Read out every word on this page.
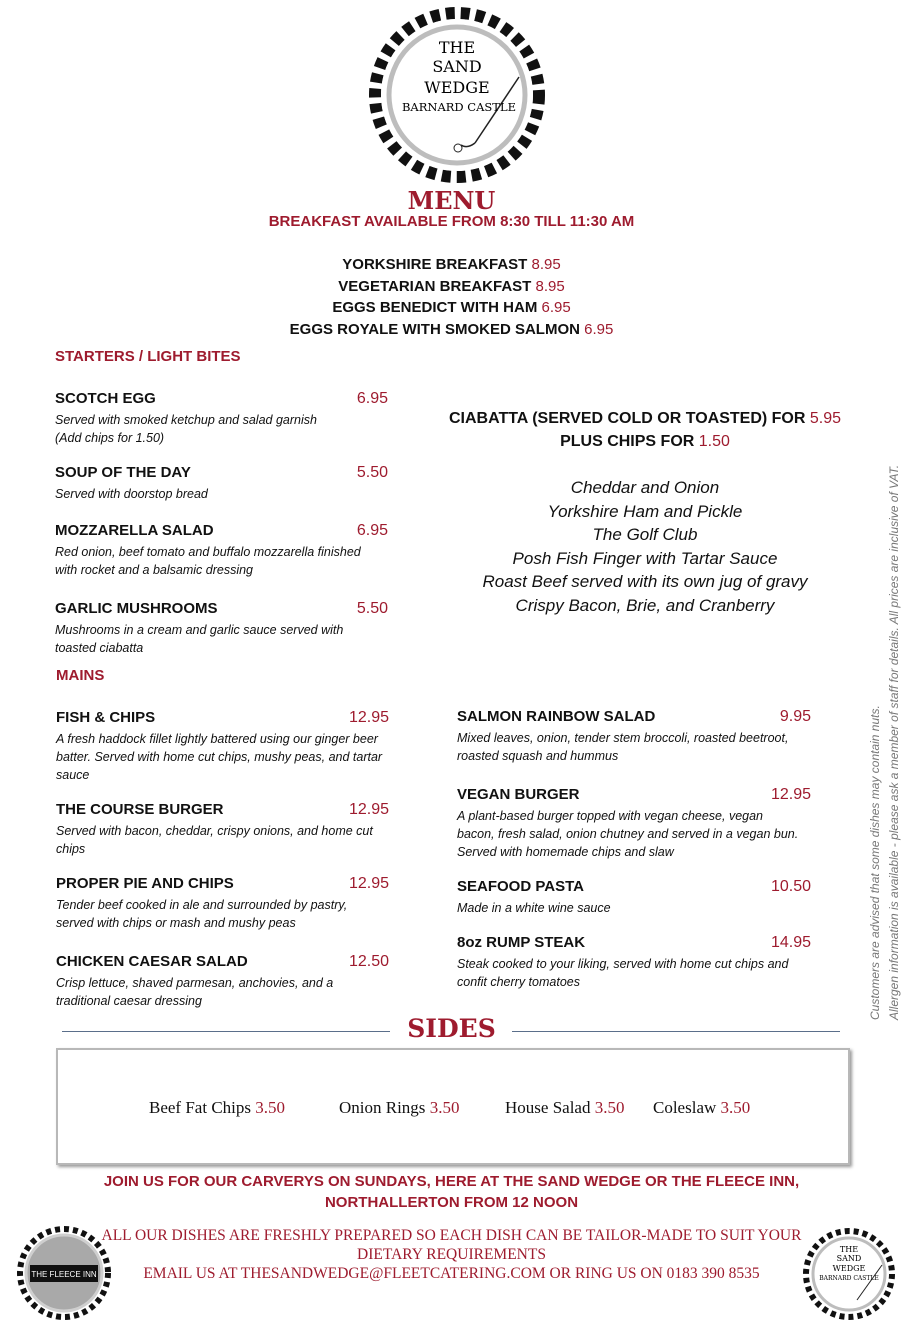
THE
SAND
WEDGE
BARNARD CASTLE
MENU
BREAKFAST AVAILABLE FROM 8:30 TILL 11:30 AM
YORKSHIRE BREAKFAST 8.95
VEGETARIAN BREAKFAST 8.95
EGGS BENEDICT WITH HAM 6.95
EGGS ROYALE WITH SMOKED SALMON 6.95
STARTERS / LIGHT BITES
SCOTCH EGG	6.95
Served with smoked ketchup and salad garnish
(Add chips for 1.50)
SOUP OF THE DAY	5.50
Served with doorstop bread
MOZZARELLA SALAD	6.95
Red onion, beef tomato and buffalo mozzarella finished
with rocket and a balsamic dressing
GARLIC MUSHROOMS	5.50
Mushrooms in a cream and garlic sauce served with
toasted ciabatta
MAINS
FISH & CHIPS	12.95
A fresh haddock fillet lightly battered using our ginger beer
batter. Served with home cut chips, mushy peas, and tartar
sauce
THE COURSE BURGER	12.95
Served with bacon, cheddar, crispy onions, and home cut
chips
PROPER PIE AND CHIPS	12.95
Tender beef cooked in ale and surrounded by pastry,
served with chips or mash and mushy peas
CHICKEN CAESAR SALAD	12.50
Crisp lettuce, shaved parmesan, anchovies, and a
traditional caesar dressing
SALMON RAINBOW SALAD	9.95
Mixed leaves, onion, tender stem broccoli, roasted beetroot,
roasted squash and hummus
VEGAN BURGER	12.95
A plant-based burger topped with vegan cheese, vegan
bacon, fresh salad, onion chutney and served in a vegan bun.
Served with homemade chips and slaw
SEAFOOD PASTA	10.50
Made in a white wine sauce
8oz RUMP STEAK	14.95
Steak cooked to your liking, served with home cut chips and
confit cherry tomatoes
CIABATTA (SERVED COLD OR TOASTED) FOR 5.95
PLUS CHIPS FOR 1.50
Cheddar and Onion
Yorkshire Ham and Pickle
The Golf Club
Posh Fish Finger with Tartar Sauce
Roast Beef served with its own jug of gravy
Crispy Bacon, Brie, and Cranberry
SIDES
Beef Fat Chips 3.50	Onion Rings 3.50	House Salad 3.50 Coleslaw 3.50
JOIN US FOR OUR CARVERYS ON SUNDAYS, HERE AT THE SAND WEDGE OR THE FLEECE INN,
NORTHALLERTON FROM 12 NOON
ALL OUR DISHES ARE FRESHLY PREPARED SO EACH DISH CAN BE TAILOR-MADE TO SUIT YOUR
DIETARY REQUIREMENTS
EMAIL US AT THESANDWEDGE@FLEETCATERING.COM OR RING US ON 0183 390 8535
THE FLEECE INN
THE
SAND
WEDGE
BARNARD CASTLE
Customers are advised that some dishes may contain nuts. Allergen information is available - please ask a member of staff for details. All prices are inclusive of VAT.
